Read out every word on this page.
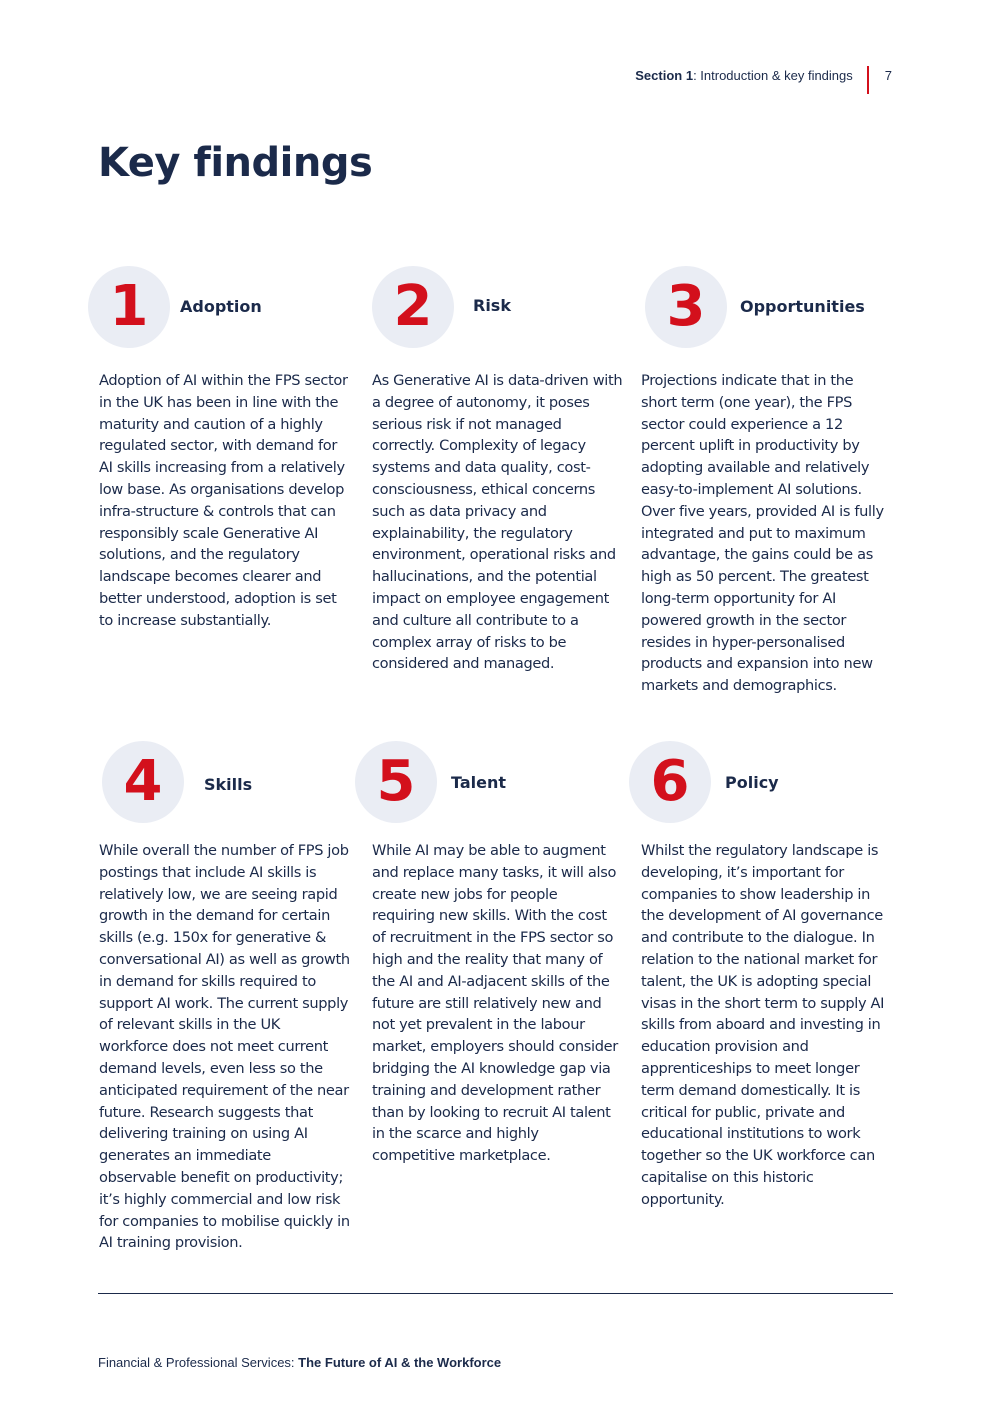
Section 1 : Introduction & key findings 7
Key findings
1	Adoption

Adoption of AI within the FPS sector in the UK has been in line with the maturity and caution of a highly regulated sector, with demand for AI skills increasing from a relatively low base. As organisations develop infra-structure & controls that can responsibly scale Generative AI solutions, and the regulatory landscape becomes clearer and better understood, adoption is set to increase substantially.

2	Risk

As Generative AI is data-driven with a degree of autonomy, it poses serious risk if not managed correctly. Complexity of legacy systems and data quality, cost-consciousness, ethical concerns such as data privacy and explainability, the regulatory environment, operational risks and hallucinations, and the potential impact on employee engagement and culture all contribute to a complex array of risks to be considered and managed.

3	Opportunities

Projections indicate that in the short term (one year), the FPS sector could experience a 12 percent uplift in productivity by adopting available and relatively easy-to-implement AI solutions. Over five years, provided AI is fully integrated and put to maximum advantage, the gains could be as high as 50 percent. The greatest long-term opportunity for AI powered growth in the sector resides in hyper-personalised products and expansion into new markets and demographics.

4	Skills

While overall the number of FPS job postings that include AI skills is relatively low, we are seeing rapid growth in the demand for certain skills (e.g. 150x for generative & conversational AI) as well as growth in demand for skills required to support AI work. The current supply of relevant skills in the UK workforce does not meet current demand levels, even less so the anticipated requirement of the near future. Research suggests that delivering training on using AI generates an immediate observable benefit on productivity; it’s highly commercial and low risk for companies to mobilise quickly in AI training provision.

5	Talent

While AI may be able to augment and replace many tasks, it will also create new jobs for people requiring new skills. With the cost of recruitment in the FPS sector so high and the reality that many of the AI and AI-adjacent skills of the future are still relatively new and not yet prevalent in the labour market, employers should consider bridging the AI knowledge gap via training and development rather than by looking to recruit AI talent in the scarce and highly competitive marketplace.

6	Policy

Whilst the regulatory landscape is developing, it’s important for companies to show leadership in the development of AI governance and contribute to the dialogue. In relation to the national market for talent, the UK is adopting special visas in the short term to supply AI skills from aboard and investing in education provision and apprenticeships to meet longer term demand domestically. It is critical for public, private and educational institutions to work together so the UK workforce can capitalise on this historic opportunity.

Financial & Professional Services: The Future of AI & the Workforce
